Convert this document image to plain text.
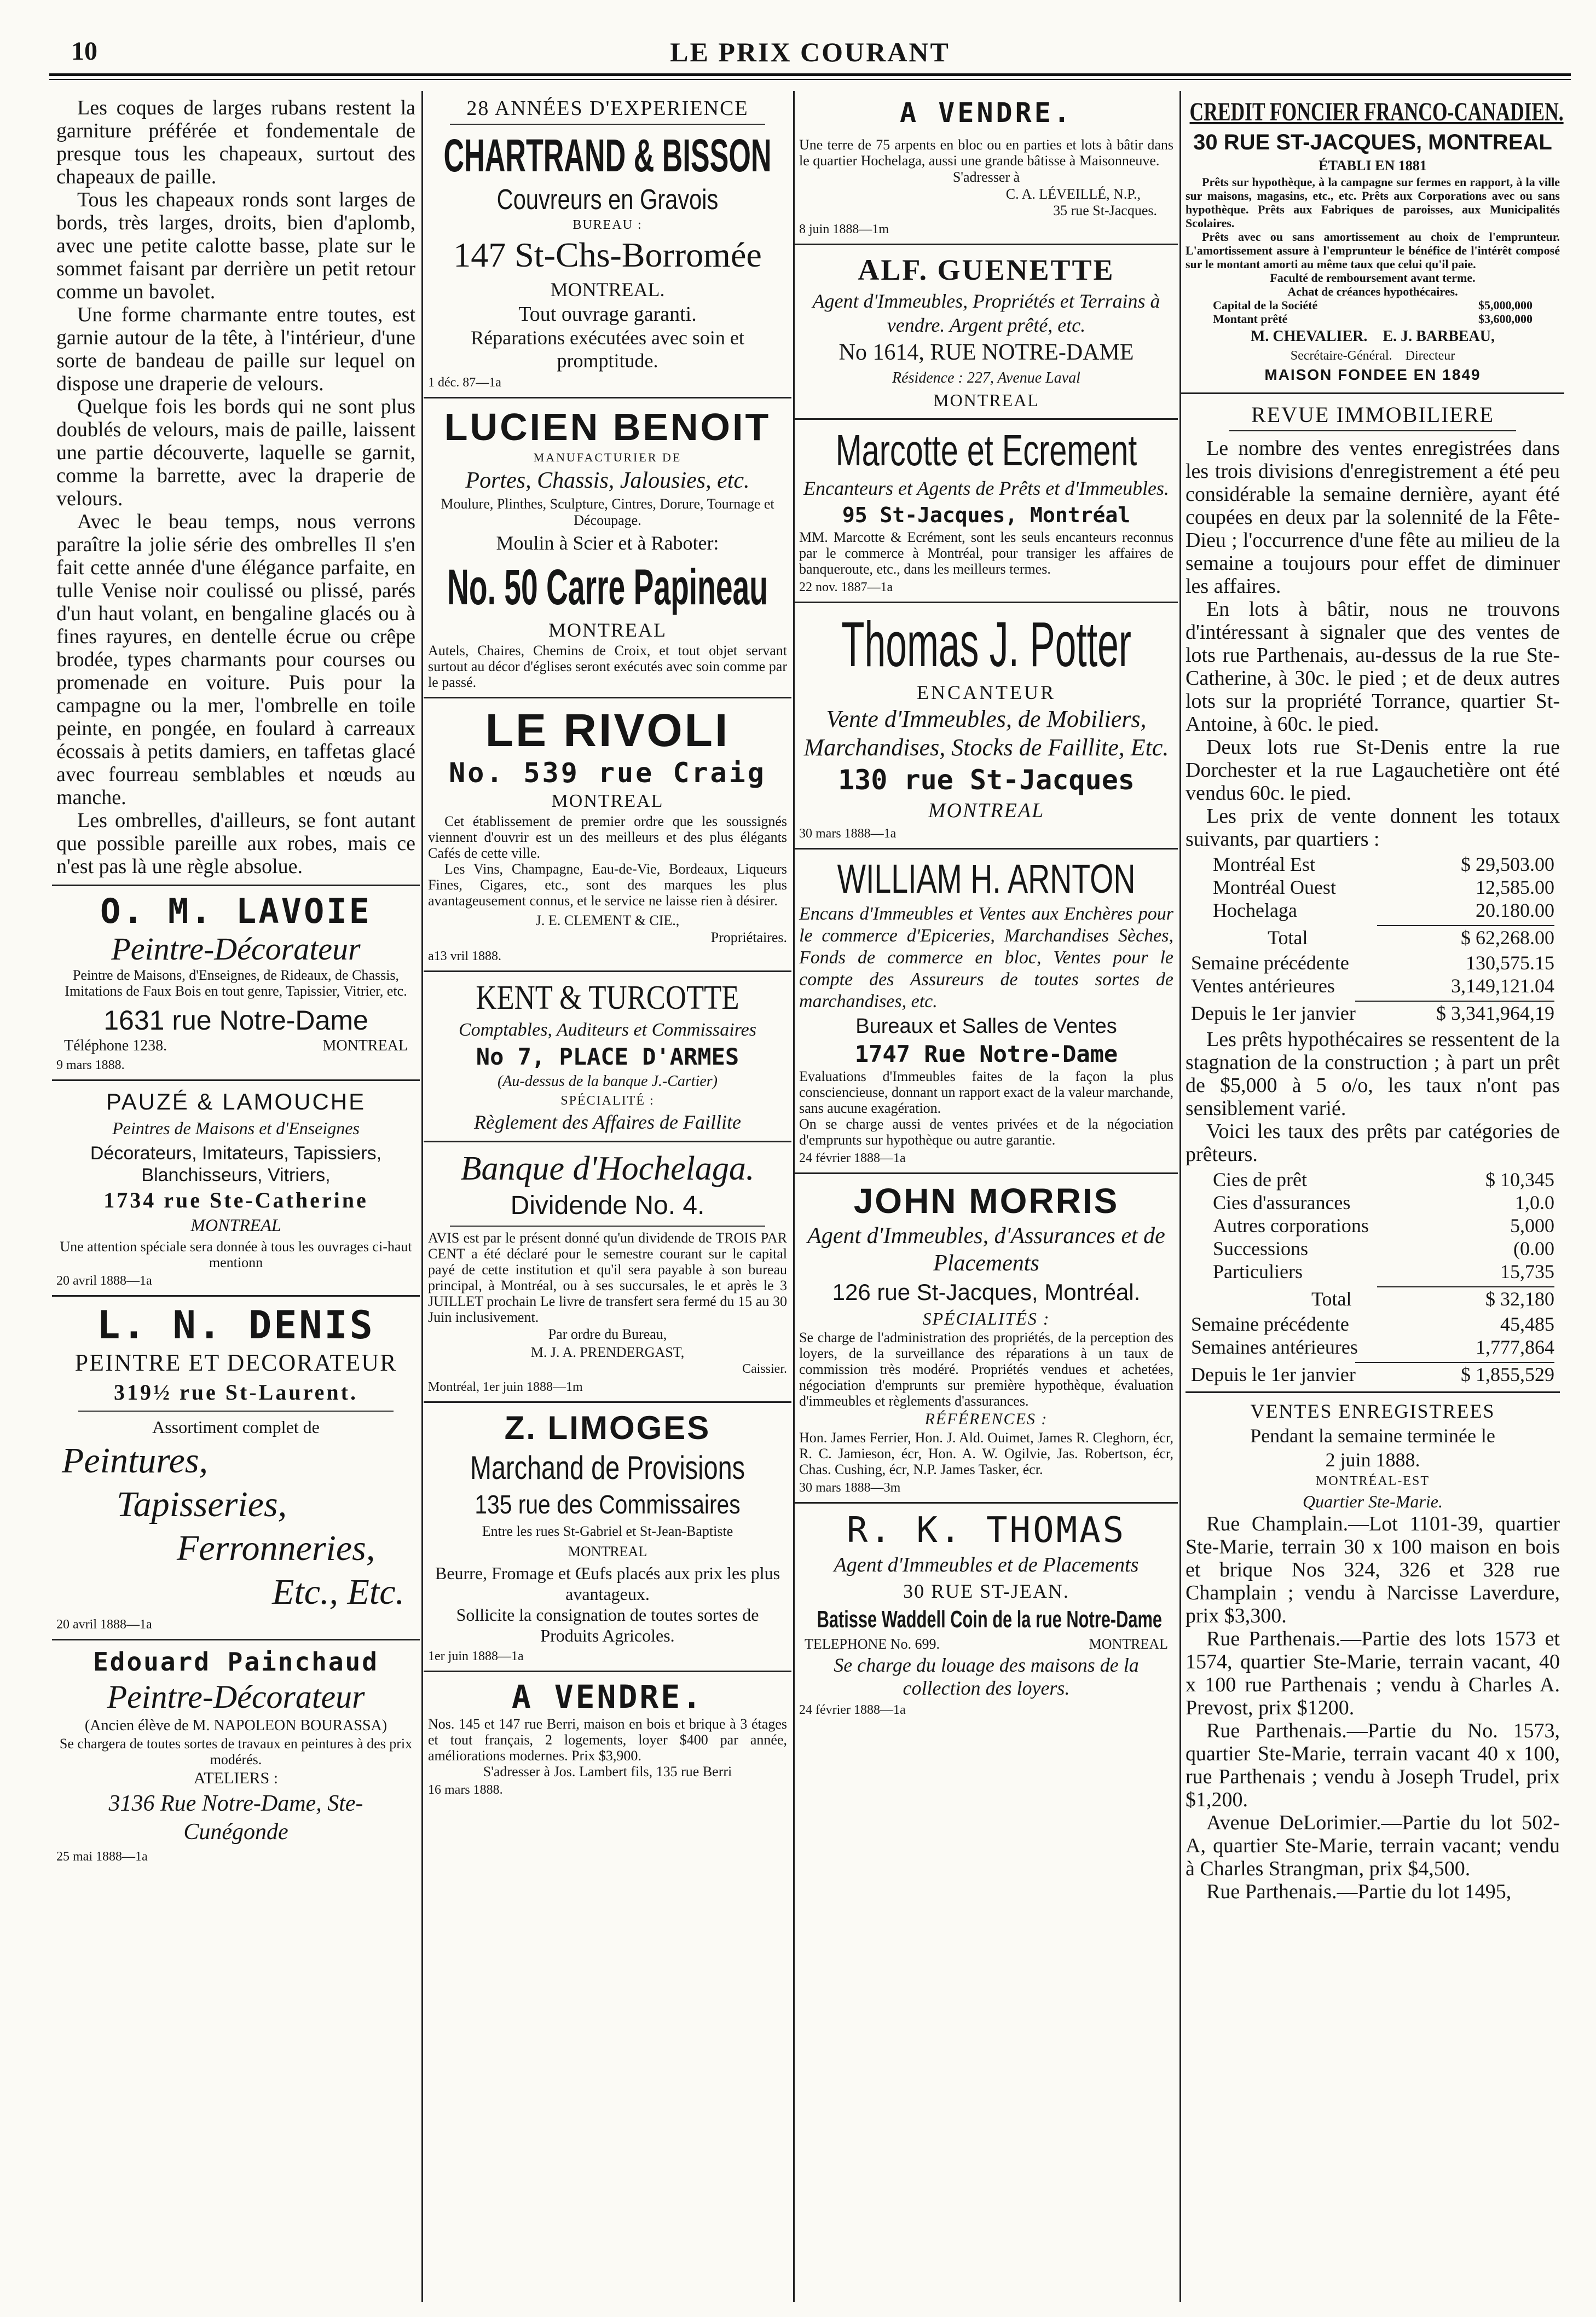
10	LE PRIX COURANT

Les coques de larges rubans restent la garniture préférée et fondementale de presque tous les chapeaux, surtout des chapeaux de paille.

Tous les chapeaux ronds sont larges de bords, très larges, droits, bien d'aplomb, avec une petite calotte basse, plate sur le sommet faisant par derrière un petit retour comme un bavolet.

Une forme charmante entre toutes, est garnie autour de la tête, à l'intérieur, d'une sorte de bandeau de paille sur lequel on dispose une draperie de velours.

Quelque fois les bords qui ne sont plus doublés de velours, mais de paille, laissent une partie découverte, laquelle se garnit, comme la barrette, avec la draperie de velours.

Avec le beau temps, nous verrons paraître la jolie série des ombrelles Il s'en fait cette année d'une élégance parfaite, en tulle Venise noir coulissé ou plissé, parés d'un haut volant, en bengaline glacés ou à fines rayures, en dentelle écrue ou crêpe brodée, types charmants pour courses ou promenade en voiture. Puis pour la campagne ou la mer, l'ombrelle en toile peinte, en pongée, en foulard à carreaux écossais à petits damiers, en taffetas glacé avec fourreau semblables et nœuds au manche.

Les ombrelles, d'ailleurs, se font autant que possible pareille aux robes, mais ce n'est pas là une règle absolue.

O. M. LAVOIE
Peintre-Décorateur
Peintre de Maisons, d'Enseignes, de Rideaux, de Chassis, Imitations de Faux Bois en tout genre, Tapissier, Vitrier, etc.
1631 rue Notre-Dame
Téléphone 1238.	MONTREAL
9 mars 1888.
PAUZÉ & LAMOUCHE
Peintres de Maisons et d'Enseignes
Décorateurs, Imitateurs, Tapissiers, Blanchisseurs, Vitriers,
1734 rue Ste-Catherine
MONTREAL
Une attention spéciale sera donnée à tous les ouvrages ci-haut mentionn
20 avril 1888—1a
L. N. DENIS
PEINTRE ET DECORATEUR
319½ rue St-Laurent.
Assortiment complet de
Peintures,
Tapisseries,
Ferronneries,
Etc., Etc.
20 avril 1888—1a
Edouard Painchaud
Peintre-Décorateur
(Ancien élève de M. NAPOLEON BOURASSA)
Se chargera de toutes sortes de travaux en peintures à des prix modérés.
ATELIERS :
3136 Rue Notre-Dame, Ste-Cunégonde
25 mai 1888—1a
28 ANNÉES D'EXPERIENCE
CHARTRAND & BISSON
Couvreurs en Gravois
BUREAU :
147 St-Chs-Borromée
MONTREAL.
Tout ouvrage garanti.
Réparations exécutées avec soin et promptitude.
1 déc. 87—1a
LUCIEN BENOIT
MANUFACTURIER DE
Portes, Chassis, Jalousies, etc.
Moulure, Plinthes, Sculpture, Cintres, Dorure, Tournage et Découpage.
Moulin à Scier et à Raboter:
No. 50 Carre Papineau
MONTREAL
Autels, Chaires, Chemins de Croix, et tout objet servant surtout au décor d'églises seront exécutés avec soin comme par le passé.
LE RIVOLI
No. 539 rue Craig
MONTREAL
Cet établissement de premier ordre que les soussignés viennent d'ouvrir est un des meilleurs et des plus élégants Cafés de cette ville.
Les Vins, Champagne, Eau-de-Vie, Bordeaux, Liqueurs Fines, Cigares, etc., sont des marques les plus avantageusement connus, et le service ne laisse rien à désirer.
J. E. CLEMENT & CIE.,
Propriétaires.
a13 vril 1888.
KENT & TURCOTTE
Comptables, Auditeurs et Commissaires
No 7, PLACE D'ARMES
(Au-dessus de la banque J.-Cartier)
SPÉCIALITÉ :
Règlement des Affaires de Faillite
Banque d'Hochelaga.
Dividende No. 4.
AVIS est par le présent donné qu'un dividende de TROIS PAR CENT a été déclaré pour le semestre courant sur le capital payé de cette institution et qu'il sera payable à son bureau principal, à Montréal, ou à ses succursales, le et après le 3 JUILLET prochain Le livre de transfert sera fermé du 15 au 30 Juin inclusivement.
Par ordre du Bureau,
M. J. A. PRENDERGAST,
Caissier.
Montréal, 1er juin 1888—1m
Z. LIMOGES
Marchand de Provisions
135 rue des Commissaires
Entre les rues St-Gabriel et St-Jean-Baptiste
MONTREAL
Beurre, Fromage et Œufs placés aux prix les plus avantageux.
Sollicite la consignation de toutes sortes de Produits Agricoles.
1er juin 1888—1a
A VENDRE.
Nos. 145 et 147 rue Berri, maison en bois et brique à 3 étages et tout français, 2 logements, loyer $400 par année, améliorations modernes. Prix $3,900.
S'adresser à Jos. Lambert fils, 135 rue Berri
16 mars 1888.
A VENDRE.
Une terre de 75 arpents en bloc ou en parties et lots à bâtir dans le quartier Hochelaga, aussi une grande bâtisse à Maisonneuve.
S'adresser à
C. A. LÉVEILLÉ, N.P.,
35 rue St-Jacques.
8 juin 1888—1m
ALF. GUENETTE
Agent d'Immeubles, Propriétés et Terrains à vendre. Argent prêté, etc.
No 1614, RUE NOTRE-DAME
Résidence : 227, Avenue Laval
MONTREAL
Marcotte et Ecrement
Encanteurs et Agents de Prêts et d'Immeubles.
95 St-Jacques, Montréal
MM. Marcotte & Ecrément, sont les seuls encanteurs reconnus par le commerce à Montréal, pour transiger les affaires de banqueroute, etc., dans les meilleurs termes.
22 nov. 1887—1a
Thomas J. Potter
ENCANTEUR
Vente d'Immeubles, de Mobiliers, Marchandises, Stocks de Faillite, Etc.
130 rue St-Jacques
MONTREAL
30 mars 1888—1a
WILLIAM H. ARNTON
Encans d'Immeubles et Ventes aux Enchères pour le commerce d'Epiceries, Marchandises Sèches, Fonds de commerce en bloc, Ventes pour le compte des Assureurs de toutes sortes de marchandises, etc.
Bureaux et Salles de Ventes
1747 Rue Notre-Dame
Evaluations d'Immeubles faites de la façon la plus consciencieuse, donnant un rapport exact de la valeur marchande, sans aucune exagération.
On se charge aussi de ventes privées et de la négociation d'emprunts sur hypothèque ou autre garantie.
24 février 1888—1a
JOHN MORRIS
Agent d'Immeubles, d'Assurances et de Placements
126 rue St-Jacques, Montréal.
SPÉCIALITÉS :
Se charge de l'administration des propriétés, de la perception des loyers, de la surveillance des réparations à un taux de commission très modéré. Propriétés vendues et achetées, négociation d'emprunts sur première hypothèque, évaluation d'immeubles et règlements d'assurances.
RÉFÉRENCES :
Hon. James Ferrier, Hon. J. Ald. Ouimet, James R. Cleghorn, écr, R. C. Jamieson, écr, Hon. A. W. Ogilvie, Jas. Robertson, écr, Chas. Cushing, écr, N.P. James Tasker, écr.
30 mars 1888—3m
R. K. THOMAS
Agent d'Immeubles et de Placements
30 RUE ST-JEAN.
Batisse Waddell Coin de la rue Notre-Dame
TELEPHONE No. 699.	MONTREAL
Se charge du louage des maisons de la collection des loyers.
24 février 1888—1a
CREDIT FONCIER FRANCO-CANADIEN.
30 RUE ST-JACQUES, MONTREAL
ÉTABLI EN 1881
Prêts sur hypothèque, à la campagne sur fermes en rapport, à la ville sur maisons, magasins, etc., etc. Prêts aux Corporations avec ou sans hypothèque. Prêts aux Fabriques de paroisses, aux Municipalités Scolaires.
Prêts avec ou sans amortissement au choix de l'emprunteur. L'amortissement assure à l'emprunteur le bénéfice de l'intérêt composé sur le montant amorti au même taux que celui qu'il paie.
Faculté de remboursement avant terme.
Achat de créances hypothécaires.
Capital de la Société	$5,000,000
Montant prêté	$3,600,000
M. CHEVALIER.    E. J. BARBEAU,
Secrétaire-Général.    Directeur
MAISON FONDEE EN 1849
REVUE IMMOBILIERE

Le nombre des ventes enregistrées dans les trois divisions d'enregistrement a été peu considérable la semaine dernière, ayant été coupées en deux par la solennité de la Fête-Dieu ; l'occurrence d'une fête au milieu de la semaine a toujours pour effet de diminuer les affaires.

En lots à bâtir, nous ne trouvons d'intéressant à signaler que des ventes de lots rue Parthenais, au-dessus de la rue Ste-Catherine, à 30c. le pied ; et de deux autres lots sur la propriété Torrance, quartier St-Antoine, à 60c. le pied.

Deux lots rue St-Denis entre la rue Dorchester et la rue Lagauchetière ont été vendus 60c. le pied.

Les prix de vente donnent les totaux suivants, par quartiers :

Montréal Est	$ 29,503.00
Montréal Ouest	12,585.00
Hochelaga	20.180.00
Total	$ 62,268.00
Semaine précédente	130,575.15
Ventes antérieures	3,149,121.04
Depuis le 1er janvier	$ 3,341,964,19

Les prêts hypothécaires se ressentent de la stagnation de la construction ; à part un prêt de $5,000 à 5 o/o, les taux n'ont pas sensiblement varié.

Voici les taux des prêts par catégories de prêteurs.

Cies de prêt	$ 10,345
Cies d'assurances	1,0.0
Autres corporations	5,000
Successions	(0.00
Particuliers	15,735
Total	$ 32,180
Semaine précédente	45,485
Semaines antérieures	1,777,864
Depuis le 1er janvier	$ 1,855,529
VENTES ENREGISTREES
Pendant la semaine terminée le
2 juin 1888.
MONTRÉAL-EST
Quartier Ste-Marie.

Rue Champlain.—Lot 1101-39, quartier Ste-Marie, terrain 30 x 100 maison en bois et brique Nos 324, 326 et 328 rue Champlain ; vendu à Narcisse Laverdure, prix $3,300.

Rue Parthenais.—Partie des lots 1573 et 1574, quartier Ste-Marie, terrain vacant, 40 x 100 rue Parthenais ; vendu à Charles A. Prevost, prix $1200.

Rue Parthenais.—Partie du No. 1573, quartier Ste-Marie, terrain vacant 40 x 100, rue Parthenais ; vendu à Joseph Trudel, prix $1,200.

Avenue DeLorimier.—Partie du lot 502-A, quartier Ste-Marie, terrain vacant; vendu à Charles Strangman, prix $4,500.

Rue Parthenais.—Partie du lot 1495,
